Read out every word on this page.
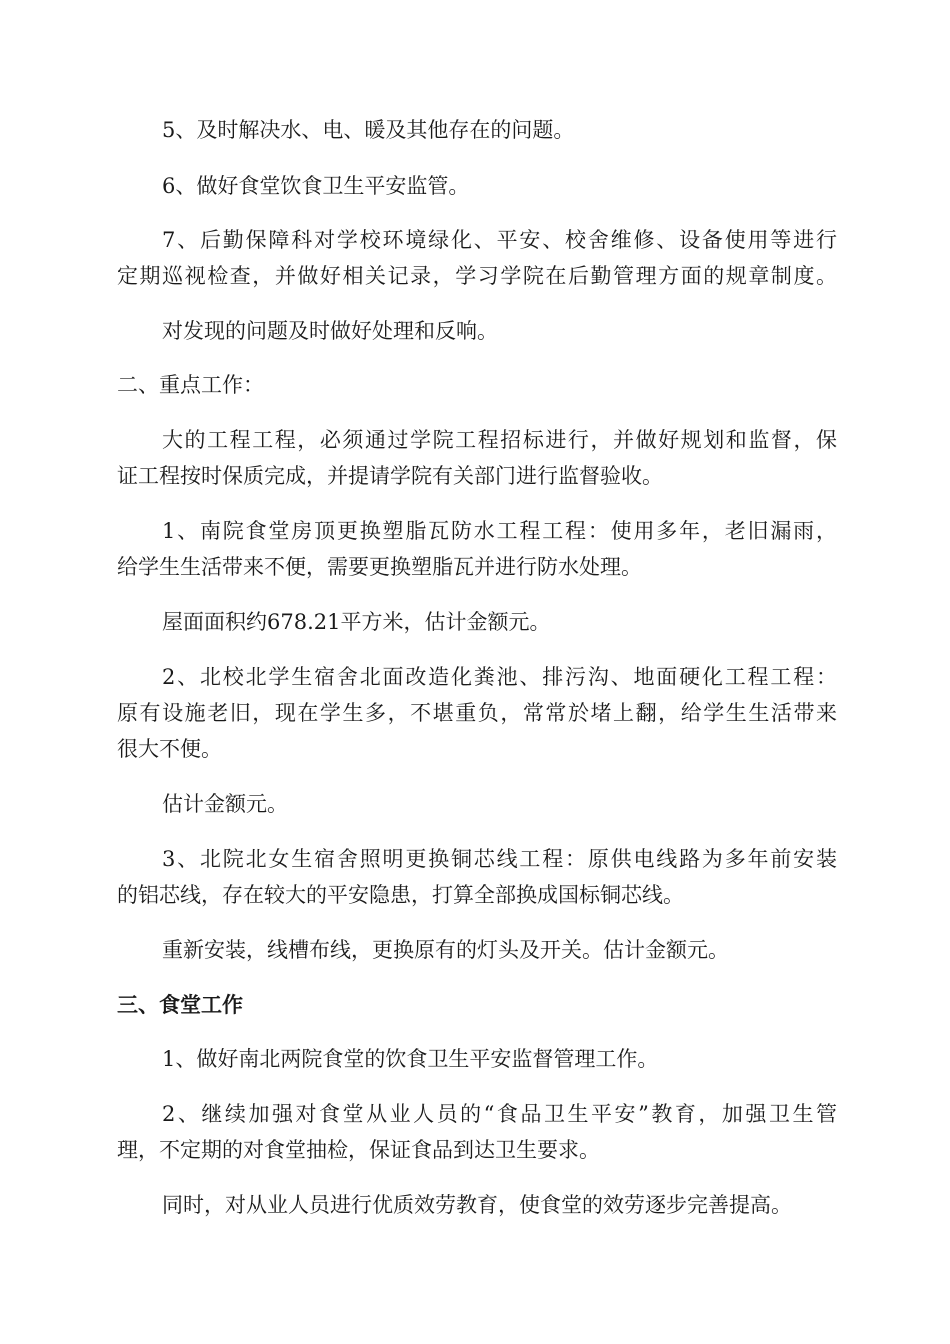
5、及时解决水、电、暖及其他存在的问题。
6、做好食堂饮食卫生平安监管。
7、后勤保障科对学校环境绿化、平安、校舍维修、设备使用等进行
定期巡视检查，并做好相关记录，学习学院在后勤管理方面的规章制度。
对发现的问题及时做好处理和反响。
二、重点工作：
大的工程工程，必须通过学院工程招标进行，并做好规划和监督，保
证工程按时保质完成，并提请学院有关部门进行监督验收。
1、南院食堂房顶更换塑脂瓦防水工程工程：使用多年，老旧漏雨，
给学生生活带来不便，需要更换塑脂瓦并进行防水处理。
屋面面积约678.21平方米，估计金额元。
2、北校北学生宿舍北面改造化粪池、排污沟、地面硬化工程工程：
原有设施老旧，现在学生多，不堪重负，常常於堵上翻，给学生生活带来
很大不便。
估计金额元。
3、北院北女生宿舍照明更换铜芯线工程：原供电线路为多年前安装
的铝芯线，存在较大的平安隐患，打算全部换成国标铜芯线。
重新安装，线槽布线，更换原有的灯头及开关。估计金额元。
三、食堂工作
1、做好南北两院食堂的饮食卫生平安监督管理工作。
2、继续加强对食堂从业人员的“食品卫生平安”教育，加强卫生管
理，不定期的对食堂抽检，保证食品到达卫生要求。
同时，对从业人员进行优质效劳教育，使食堂的效劳逐步完善提高。
